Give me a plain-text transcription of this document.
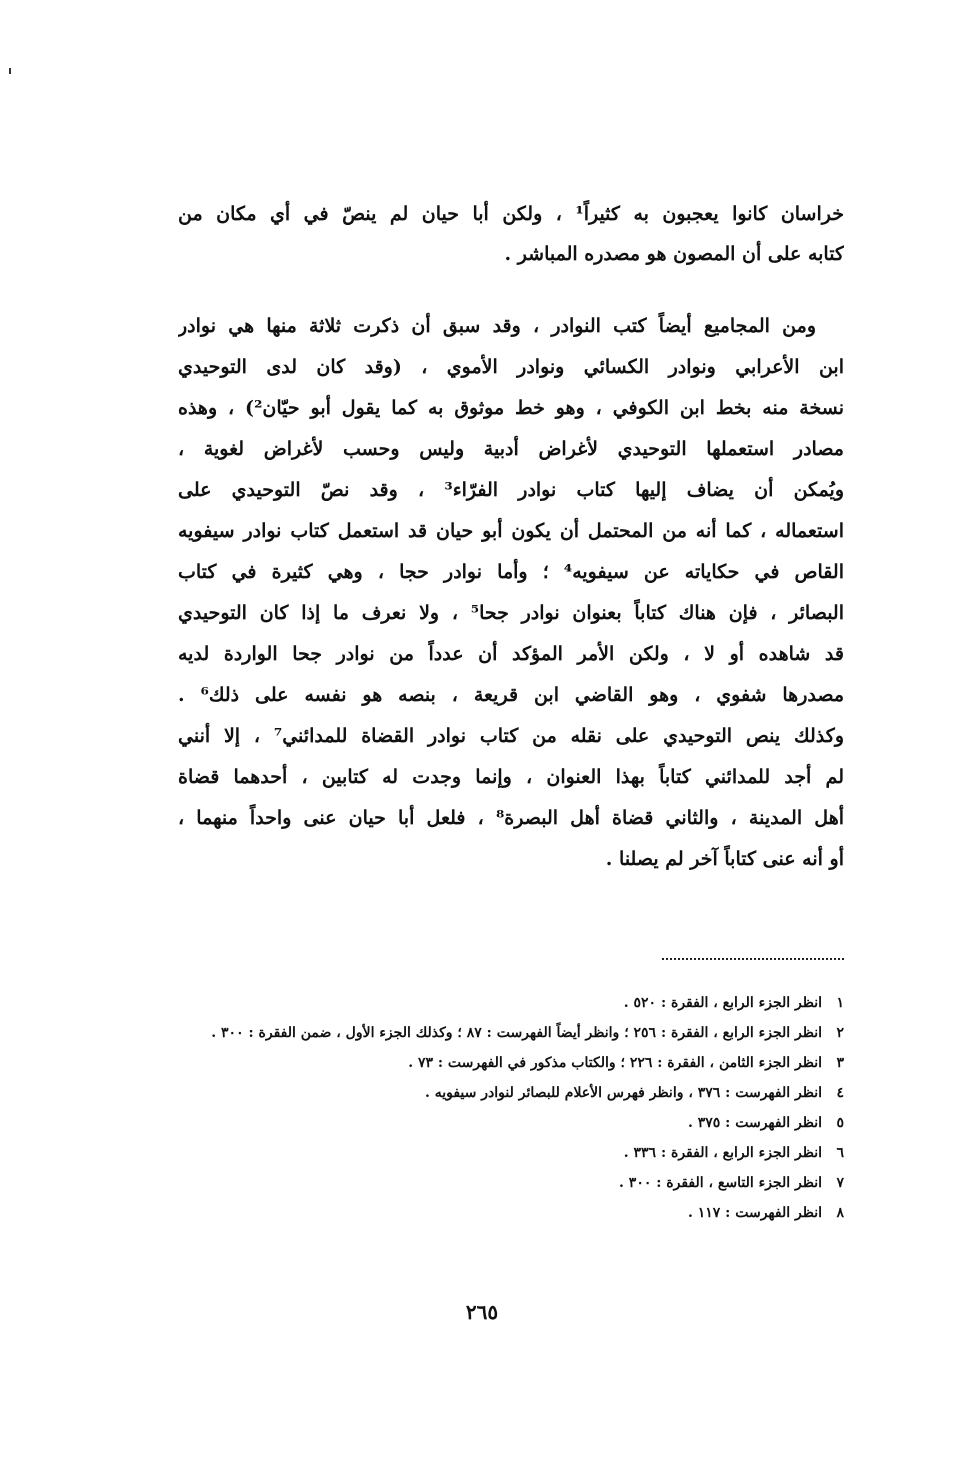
خراسان كانوا يعجبون به كثيراً¹ ، ولكن أبا حيان لم ينصّ في أي مكان من
كتابه على أن المصون هو مصدره المباشر .
ومن المجاميع أيضاً كتب النوادر ، وقد سبق أن ذكرت ثلاثة منها هي نوادر
ابن الأعرابي ونوادر الكسائي ونوادر الأموي ، (وقد كان لدى التوحيدي
نسخة منه بخط ابن الكوفي ، وهو خط موثوق به كما يقول أبو حيّان²) ، وهذه
مصادر استعملها التوحيدي لأغراض أدبية وليس وحسب لأغراض لغوية ،
ويُمكن أن يضاف إليها كتاب نوادر الفرّاء³ ، وقد نصّ التوحيدي على
استعماله ، كما أنه من المحتمل أن يكون أبو حيان قد استعمل كتاب نوادر سيفويه
القاص في حكاياته عن سيفويه⁴ ؛ وأما نوادر حجا ، وهي كثيرة في كتاب
البصائر ، فإن هناك كتاباً بعنوان نوادر جحا⁵ ، ولا نعرف ما إذا كان التوحيدي
قد شاهده أو لا ، ولكن الأمر المؤكد أن عدداً من نوادر جحا الواردة لديه
مصدرها شفوي ، وهو القاضي ابن قريعة ، بنصه هو نفسه على ذلك⁶ .
وكذلك ينص التوحيدي على نقله من كتاب نوادر القضاة للمدائني⁷ ، إلا أنني
لم أجد للمدائني كتاباً بهذا العنوان ، وإنما وجدت له كتابين ، أحدهما قضاة
أهل المدينة ، والثاني قضاة أهل البصرة⁸ ، فلعل أبا حيان عنى واحداً منهما ،
أو أنه عنى كتاباً آخر لم يصلنا .
١
انظر الجزء الرابع ، الفقرة : ٥٢٠ .
٢
انظر الجزء الرابع ، الفقرة : ٢٥٦ ؛ وانظر أيضاً الفهرست : ٨٧ ؛ وكذلك الجزء الأول ، ضمن الفقرة : ٣٠٠ .
٣
انظر الجزء الثامن ، الفقرة : ٢٢٦ ؛ والكتاب مذكور في الفهرست : ٧٣ .
٤
انظر الفهرست : ٣٧٦ ، وانظر فهرس الأعلام للبصائر لنوادر سيفويه .
٥
انظر الفهرست : ٣٧٥ .
٦
انظر الجزء الرابع ، الفقرة : ٣٣٦ .
٧
انظر الجزء التاسع ، الفقرة : ٣٠٠ .
٨
انظر الفهرست : ١١٧ .
٢٦٥
